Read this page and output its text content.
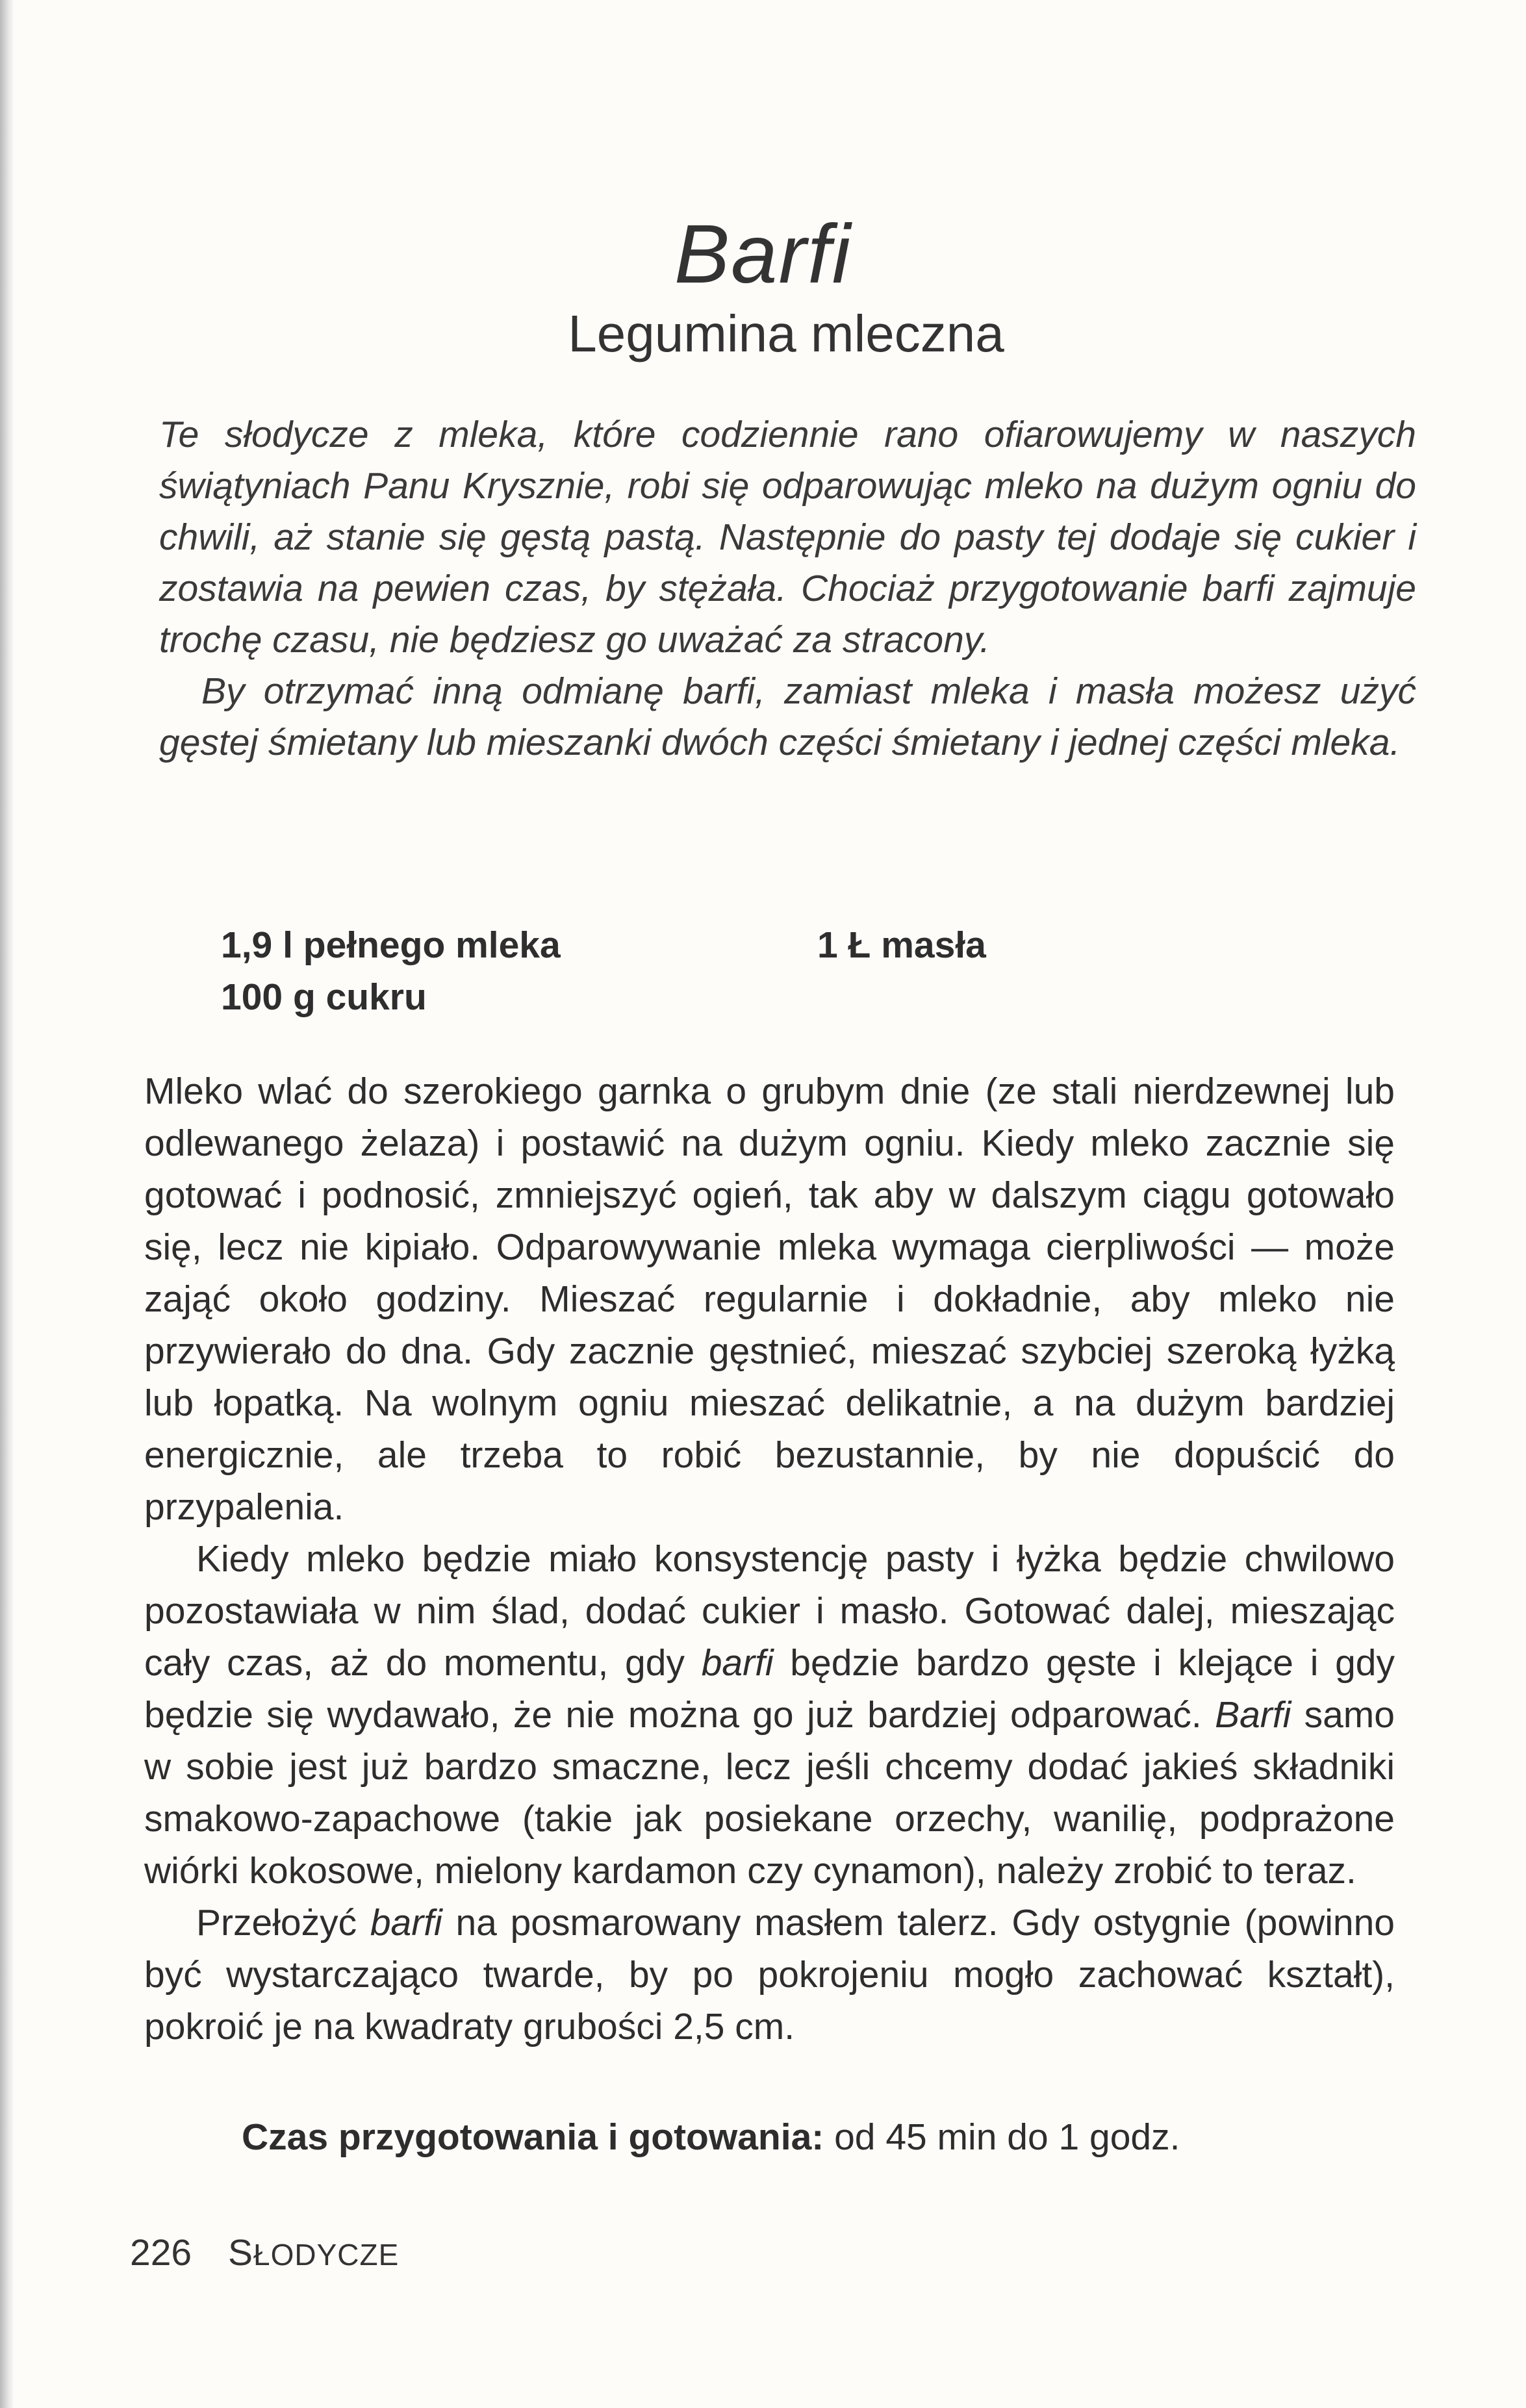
Barfi
Legumina mleczna

Te słodycze z mleka, które codziennie rano ofiarowujemy w naszych świątyniach Panu Krysznie, robi się odparowując mleko na dużym ogniu do chwili, aż stanie się gęstą pastą. Następnie do pasty tej dodaje się cukier i zostawia na pewien czas, by stężała. Chociaż przygotowanie barfi zajmuje trochę czasu, nie będziesz go uważać za stracony.

By otrzymać inną odmianę barfi, zamiast mleka i masła możesz użyć gęstej śmietany lub mieszanki dwóch części śmietany i jednej części mleka.

1,9 l pełnego mleka
100 g cukru
1 Ł masła

Mleko wlać do szerokiego garnka o grubym dnie (ze stali nierdzewnej lub odlewanego żelaza) i postawić na dużym ogniu. Kiedy mleko zacznie się gotować i podnosić, zmniejszyć ogień, tak aby w dalszym ciągu gotowało się, lecz nie kipiało. Odparowywanie mleka wymaga cierpliwości — może zająć około godziny. Mieszać regularnie i dokładnie, aby mleko nie przywierało do dna. Gdy zacznie gęstnieć, mieszać szybciej szeroką łyżką lub łopatką. Na wolnym ogniu mieszać delikatnie, a na dużym bardziej energicznie, ale trzeba to robić bezustannie, by nie dopuścić do przypalenia.

Kiedy mleko będzie miało konsystencję pasty i łyżka będzie chwilowo pozostawiała w nim ślad, dodać cukier i masło. Gotować dalej, mieszając cały czas, aż do momentu, gdy barfi będzie bardzo gęste i klejące i gdy będzie się wydawało, że nie można go już bardziej odparować. Barfi samo w sobie jest już bardzo smaczne, lecz jeśli chcemy dodać jakieś składniki smakowo-zapachowe (takie jak posiekane orzechy, wanilię, podprażone wiórki kokosowe, mielony kardamon czy cynamon), należy zrobić to teraz.

Przełożyć barfi na posmarowany masłem talerz. Gdy ostygnie (powinno być wystarczająco twarde, by po pokrojeniu mogło zachować kształt), pokroić je na kwadraty grubości 2,5 cm.

Czas przygotowania i gotowania: od 45 min do 1 godz.
226 SŁODYCZE
